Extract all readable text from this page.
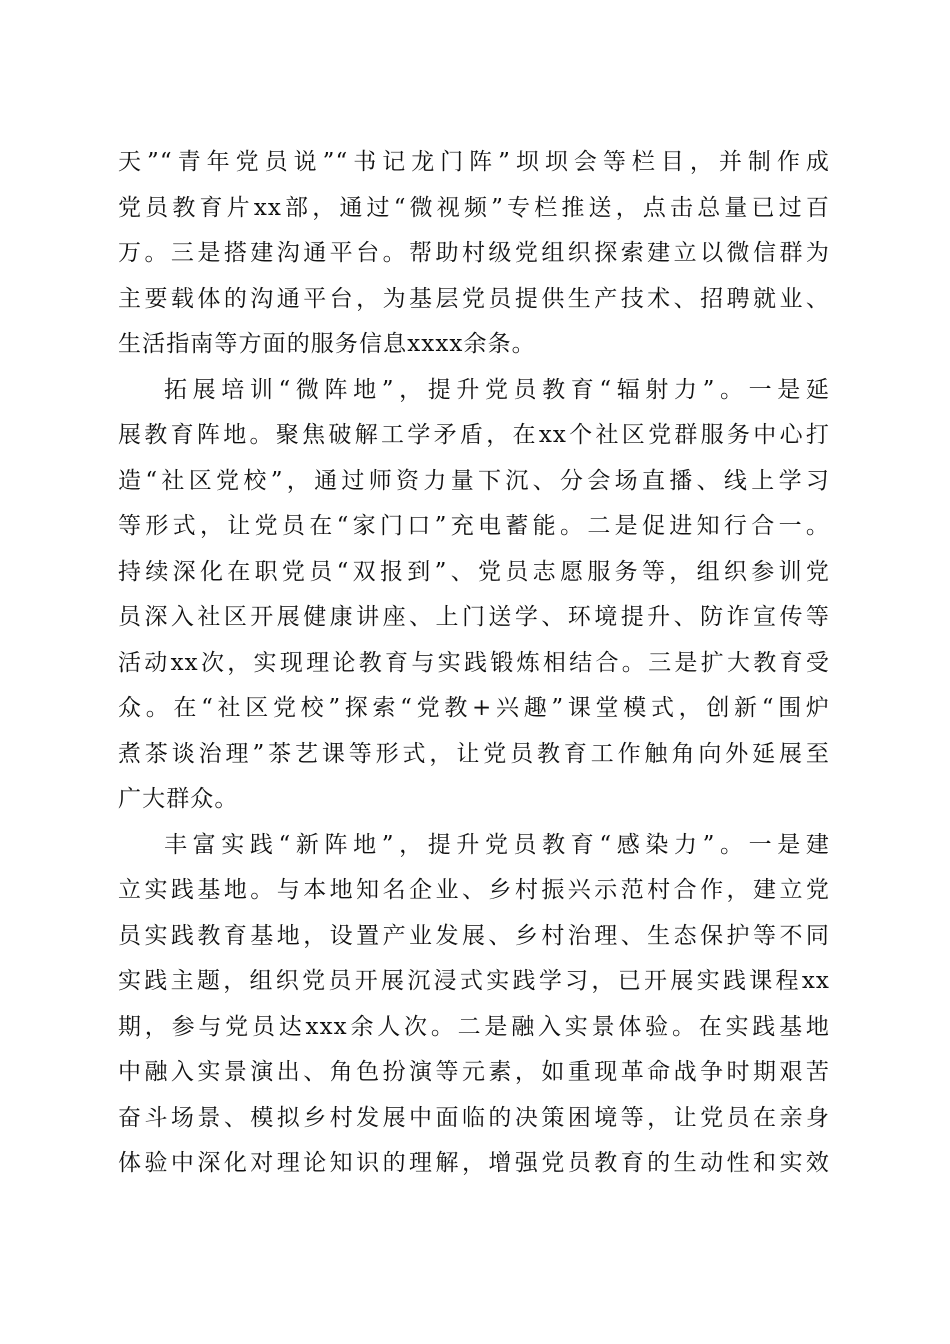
天”“青年党员说”“书记龙门阵”坝坝会等栏目，并制作成
党员教育片xx部，通过“微视频”专栏推送，点击总量已过百
万。三是搭建沟通平台。帮助村级党组织探索建立以微信群为
主要载体的沟通平台，为基层党员提供生产技术、招聘就业、
生活指南等方面的服务信息xxxx余条。
拓展培训“微阵地”，提升党员教育“辐射力”。一是延
展教育阵地。聚焦破解工学矛盾，在xx个社区党群服务中心打
造“社区党校”，通过师资力量下沉、分会场直播、线上学习
等形式，让党员在“家门口”充电蓄能。二是促进知行合一。
持续深化在职党员“双报到”、党员志愿服务等，组织参训党
员深入社区开展健康讲座、上门送学、环境提升、防诈宣传等
活动xx次，实现理论教育与实践锻炼相结合。三是扩大教育受
众。在“社区党校”探索“党教+兴趣”课堂模式，创新“围炉
煮茶谈治理”茶艺课等形式，让党员教育工作触角向外延展至
广大群众。
丰富实践“新阵地”，提升党员教育“感染力”。一是建
立实践基地。与本地知名企业、乡村振兴示范村合作，建立党
员实践教育基地，设置产业发展、乡村治理、生态保护等不同
实践主题，组织党员开展沉浸式实践学习，已开展实践课程xx
期，参与党员达xxx余人次。二是融入实景体验。在实践基地
中融入实景演出、角色扮演等元素，如重现革命战争时期艰苦
奋斗场景、模拟乡村发展中面临的决策困境等，让党员在亲身
体验中深化对理论知识的理解，增强党员教育的生动性和实效
